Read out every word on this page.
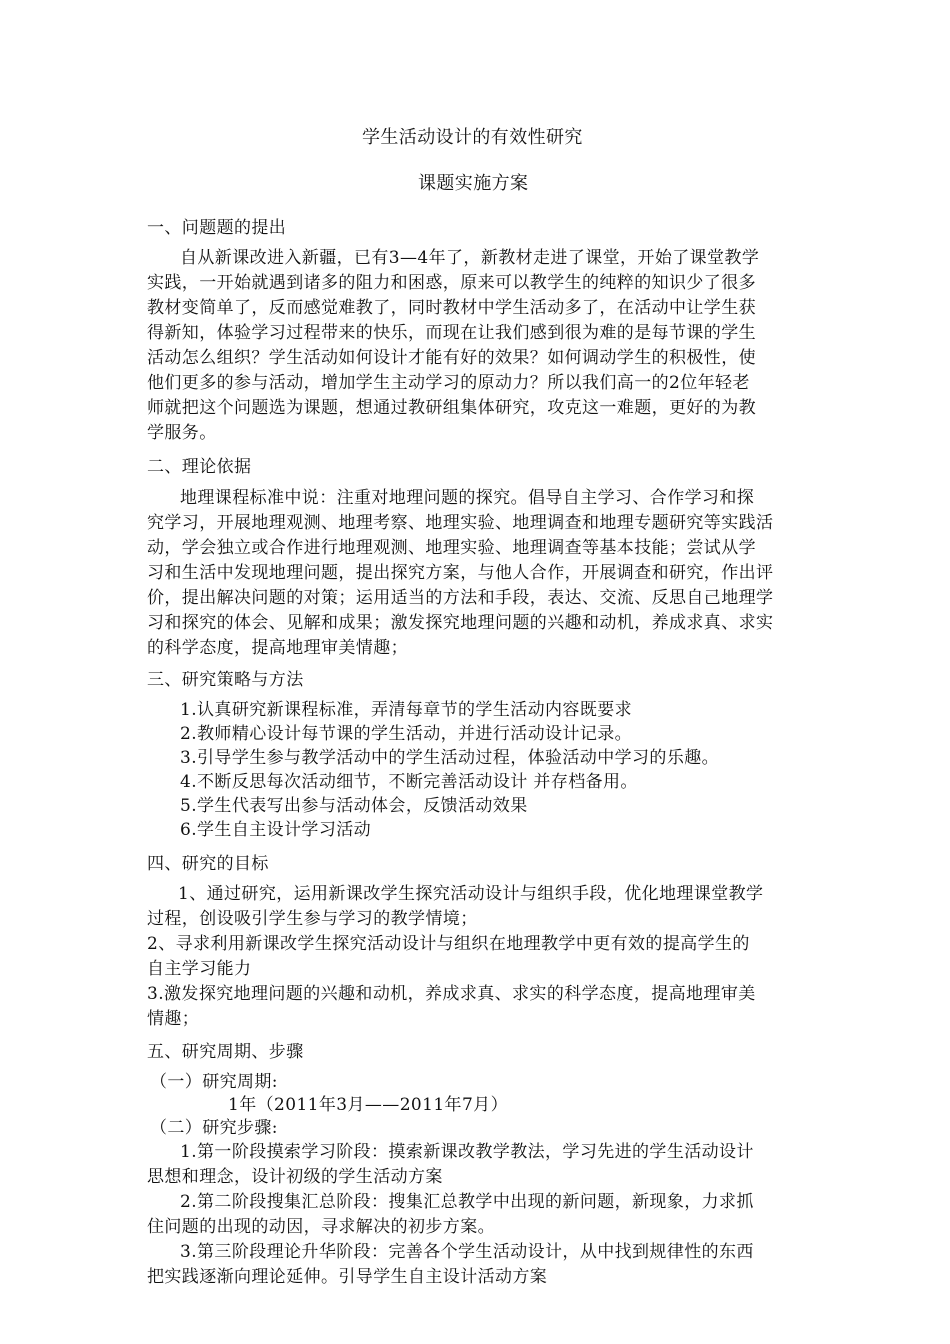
学生活动设计的有效性研究
课题实施方案
一、问题题的提出
自从新课改进入新疆，已有3—4年了，新教材走进了课堂，开始了课堂教学
实践，一开始就遇到诸多的阻力和困惑，原来可以教学生的纯粹的知识少了很多
教材变简单了，反而感觉难教了，同时教材中学生活动多了，在活动中让学生获
得新知，体验学习过程带来的快乐，而现在让我们感到很为难的是每节课的学生
活动怎么组织？学生活动如何设计才能有好的效果？如何调动学生的积极性，使
他们更多的参与活动，增加学生主动学习的原动力？所以我们高一的2位年轻老
师就把这个问题选为课题，想通过教研组集体研究，攻克这一难题，更好的为教
学服务。
二、理论依据
地理课程标准中说：注重对地理问题的探究。倡导自主学习、合作学习和探
究学习，开展地理观测、地理考察、地理实验、地理调查和地理专题研究等实践活
动，学会独立或合作进行地理观测、地理实验、地理调查等基本技能；尝试从学
习和生活中发现地理问题，提出探究方案，与他人合作，开展调查和研究，作出评
价，提出解决问题的对策；运用适当的方法和手段，表达、交流、反思自己地理学
习和探究的体会、见解和成果；激发探究地理问题的兴趣和动机，养成求真、求实
的科学态度，提高地理审美情趣；
三、研究策略与方法
1.认真研究新课程标准，弄清每章节的学生活动内容既要求
2.教师精心设计每节课的学生活动，并进行活动设计记录。
3.引导学生参与教学活动中的学生活动过程，体验活动中学习的乐趣。
4.不断反思每次活动细节，不断完善活动设计 并存档备用。
5.学生代表写出参与活动体会，反馈活动效果
6.学生自主设计学习活动
四、研究的目标
1、通过研究，运用新课改学生探究活动设计与组织手段，优化地理课堂教学
过程，创设吸引学生参与学习的教学情境；
2、寻求利用新课改学生探究活动设计与组织在地理教学中更有效的提高学生的
自主学习能力
3.激发探究地理问题的兴趣和动机，养成求真、求实的科学态度，提高地理审美
情趣；
五、研究周期、步骤
（一）研究周期:
1年（2011年3月——2011年7月）
（二）研究步骤:
1.第一阶段摸索学习阶段：摸索新课改教学教法，学习先进的学生活动设计
思想和理念，设计初级的学生活动方案
2.第二阶段搜集汇总阶段：搜集汇总教学中出现的新问题，新现象，力求抓
住问题的出现的动因，寻求解决的初步方案。
3.第三阶段理论升华阶段：完善各个学生活动设计，从中找到规律性的东西
把实践逐渐向理论延伸。引导学生自主设计活动方案
